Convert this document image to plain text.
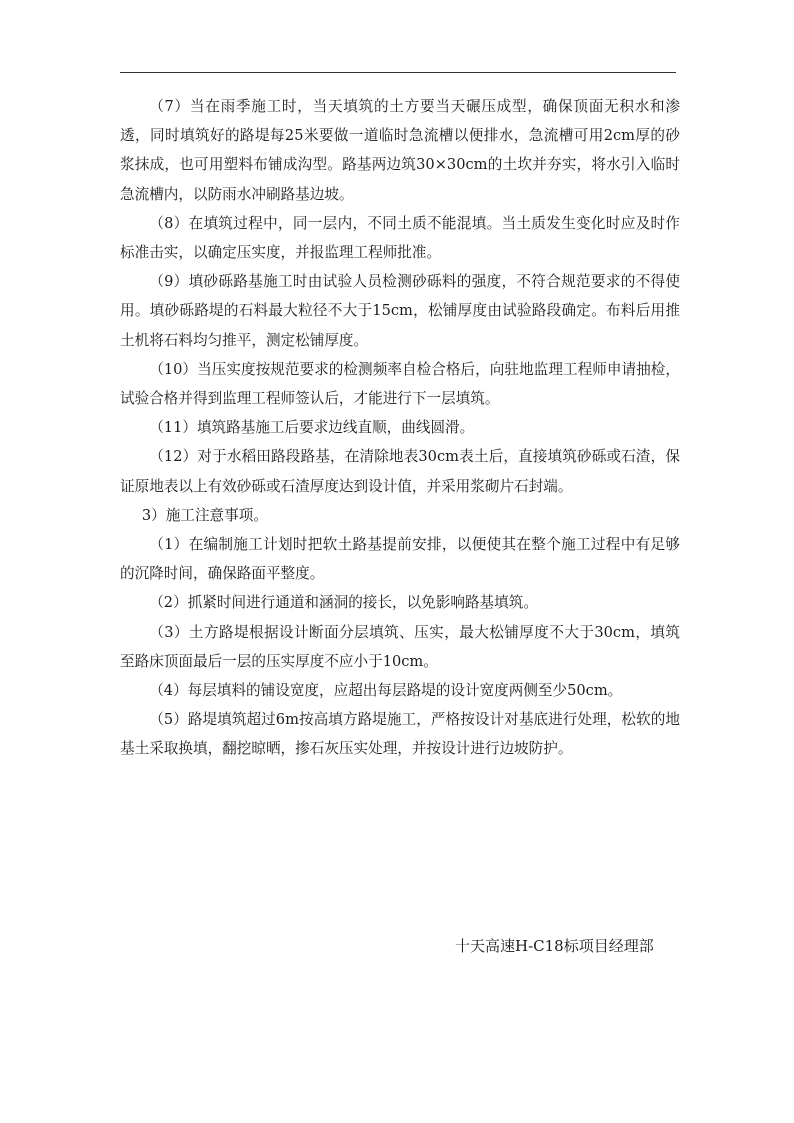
（7）当在雨季施工时，当天填筑的土方要当天碾压成型，确保顶面无积水和渗透，同时填筑好的路堤每25米要做一道临时急流槽以便排水，急流槽可用2cm厚的砂浆抹成，也可用塑料布铺成沟型。路基两边筑30×30cm的土坎并夯实，将水引入临时急流槽内，以防雨水冲刷路基边坡。

（8）在填筑过程中，同一层内，不同土质不能混填。当土质发生变化时应及时作标准击实，以确定压实度，并报监理工程师批准。

（9）填砂砾路基施工时由试验人员检测砂砾料的强度，不符合规范要求的不得使用。填砂砾路堤的石料最大粒径不大于15cm，松铺厚度由试验路段确定。布料后用推土机将石料均匀推平，测定松铺厚度。

（10）当压实度按规范要求的检测频率自检合格后，向驻地监理工程师申请抽检，试验合格并得到监理工程师签认后，才能进行下一层填筑。

（11）填筑路基施工后要求边线直顺，曲线圆滑。

（12）对于水稻田路段路基，在清除地表30cm表土后，直接填筑砂砾或石渣，保证原地表以上有效砂砾或石渣厚度达到设计值，并采用浆砌片石封端。

3）施工注意事项。

（1）在编制施工计划时把软土路基提前安排，以便使其在整个施工过程中有足够的沉降时间，确保路面平整度。

（2）抓紧时间进行通道和涵洞的接长，以免影响路基填筑。

（3）土方路堤根据设计断面分层填筑、压实，最大松铺厚度不大于30cm，填筑至路床顶面最后一层的压实厚度不应小于10cm。

（4）每层填料的铺设宽度，应超出每层路堤的设计宽度两侧至少50cm。

（5）路堤填筑超过6m按高填方路堤施工，严格按设计对基底进行处理，松软的地基土采取换填，翻挖晾晒，掺石灰压实处理，并按设计进行边坡防护。

十天高速H-C18标项目经理部
